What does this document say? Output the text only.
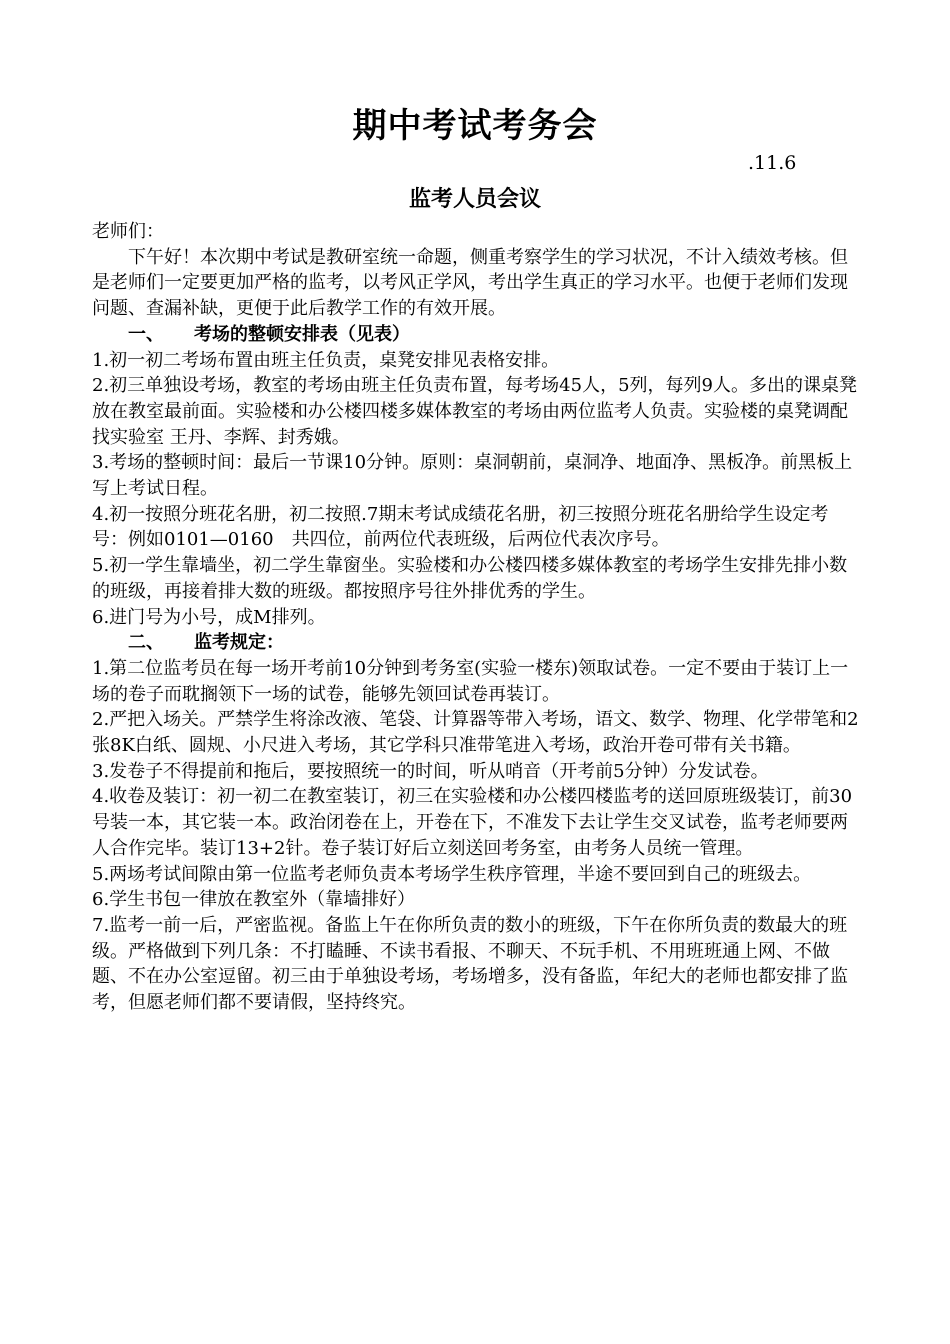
期中考试考务会
.11.6
监考人员会议

老师们：

下午好！本次期中考试是教研室统一命题，侧重考察学生的学习状况，不计入绩效考核。但是老师们一定要更加严格的监考，以考风正学风，考出学生真正的学习水平。也便于老师们发现问题、查漏补缺，更便于此后教学工作的有效开展。

一、 考场的整顿安排表（见表）

1.初一初二考场布置由班主任负责，桌凳安排见表格安排。

2.初三单独设考场，教室的考场由班主任负责布置，每考场45人，5列，每列9人。多出的课桌凳放在教室最前面。实验楼和办公楼四楼多媒体教室的考场由两位监考人负责。实验楼的桌凳调配找实验室 王丹、李辉、封秀娥。

3.考场的整顿时间：最后一节课10分钟。原则：桌洞朝前，桌洞净、地面净、黑板净。前黑板上写上考试日程。

4.初一按照分班花名册，初二按照.7期末考试成绩花名册，初三按照分班花名册给学生设定考号：例如0101—0160　共四位，前两位代表班级，后两位代表次序号。

5.初一学生靠墙坐，初二学生靠窗坐。实验楼和办公楼四楼多媒体教室的考场学生安排先排小数的班级，再接着排大数的班级。都按照序号往外排优秀的学生。

6.进门号为小号，成M排列。

二、 监考规定：

1.第二位监考员在每一场开考前10分钟到考务室(实验一楼东)领取试卷。一定不要由于装订上一场的卷子而耽搁领下一场的试卷，能够先领回试卷再装订。

2.严把入场关。严禁学生将涂改液、笔袋、计算器等带入考场，语文、数学、物理、化学带笔和2张8K白纸、圆规、小尺进入考场，其它学科只准带笔进入考场，政治开卷可带有关书籍。

3.发卷子不得提前和拖后，要按照统一的时间，听从哨音（开考前5分钟）分发试卷。

4.收卷及装订：初一初二在教室装订，初三在实验楼和办公楼四楼监考的送回原班级装订，前30号装一本，其它装一本。政治闭卷在上，开卷在下，不准发下去让学生交叉试卷，监考老师要两人合作完毕。装订13+2针。卷子装订好后立刻送回考务室，由考务人员统一管理。

5.两场考试间隙由第一位监考老师负责本考场学生秩序管理，半途不要回到自己的班级去。

6.学生书包一律放在教室外（靠墙排好）

7.监考一前一后，严密监视。备监上午在你所负责的数小的班级，下午在你所负责的数最大的班级。严格做到下列几条：不打瞌睡、不读书看报、不聊天、不玩手机、不用班班通上网、不做题、不在办公室逗留。初三由于单独设考场，考场增多，没有备监，年纪大的老师也都安排了监考，但愿老师们都不要请假，坚持终究。
